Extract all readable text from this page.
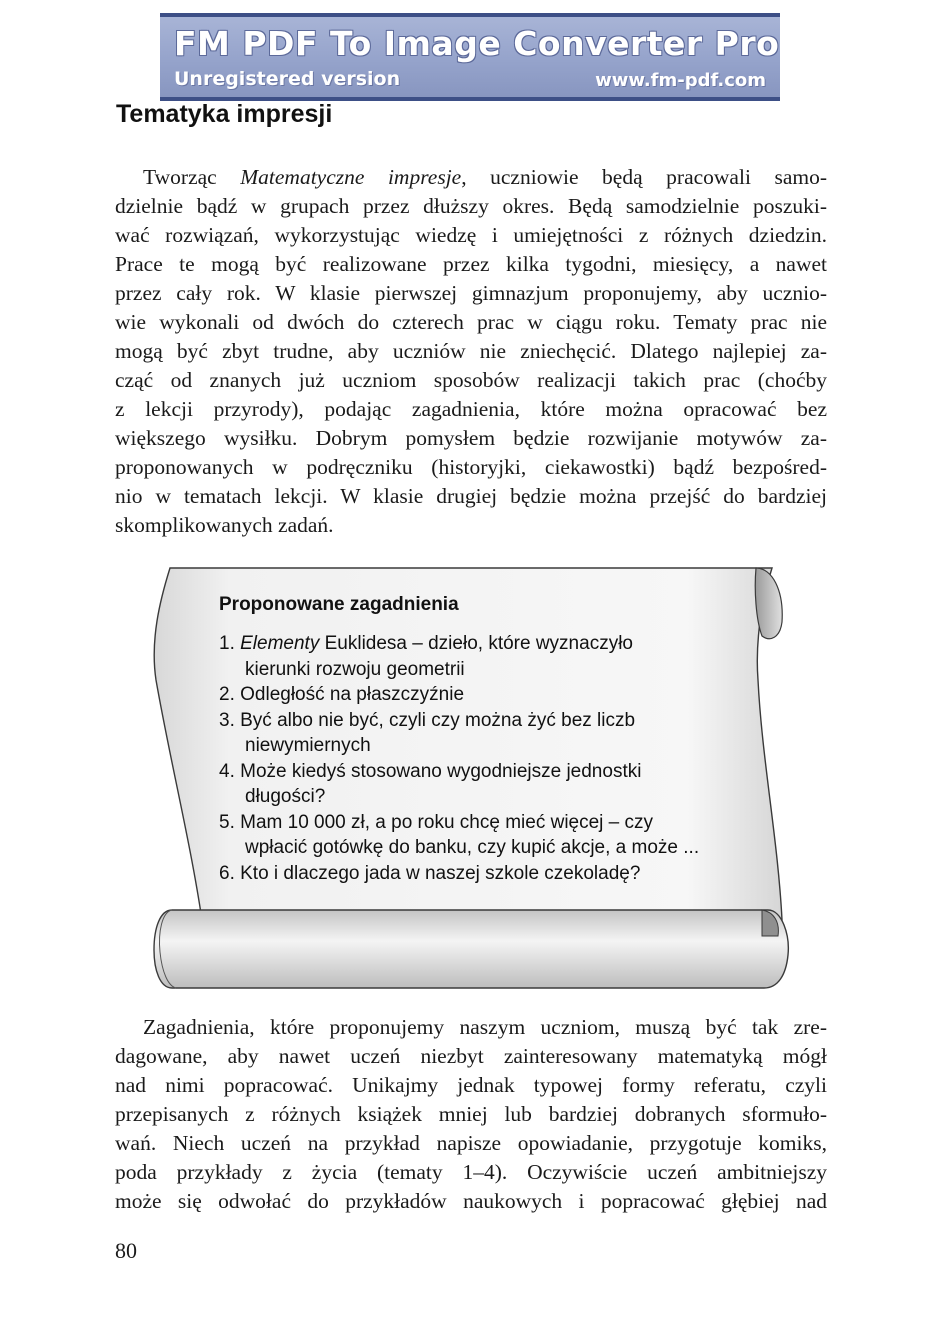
FM PDF To Image Converter Pro
Unregistered version	www.fm-pdf.com
Tematyka impresji
Tworząc Matematyczne impresje, uczniowie będą pracowali samo-
dzielnie bądź w grupach przez dłuższy okres. Będą samodzielnie poszuki-
wać rozwiązań, wykorzystując wiedzę i umiejętności z różnych dziedzin.
Prace te mogą być realizowane przez kilka tygodni, miesięcy, a nawet
przez cały rok. W klasie pierwszej gimnazjum proponujemy, aby ucznio-
wie wykonali od dwóch do czterech prac w ciągu roku. Tematy prac nie
mogą być zbyt trudne, aby uczniów nie zniechęcić. Dlatego najlepiej za-
cząć od znanych już uczniom sposobów realizacji takich prac (choćby
z lekcji przyrody), podając zagadnienia, które można opracować bez
większego wysiłku. Dobrym pomysłem będzie rozwijanie motywów za-
proponowanych w podręczniku (historyjki, ciekawostki) bądź bezpośred-
nio w tematach lekcji. W klasie drugiej będzie można przejść do bardziej
skomplikowanych zadań.

Proponowane zagadnienia

1. Elementy Euklidesa – dzieło, które wyznaczyło
kierunki rozwoju geometrii

2. Odległość na płaszczyźnie

3. Być albo nie być, czyli czy można żyć bez liczb
niewymiernych

4. Może kiedyś stosowano wygodniejsze jednostki
długości?

5. Mam 10 000 zł, a po roku chcę mieć więcej – czy
wpłacić gotówkę do banku, czy kupić akcje, a może ...

6. Kto i dlaczego jada w naszej szkole czekoladę?

Zagadnienia, które proponujemy naszym uczniom, muszą być tak zre-
dagowane, aby nawet uczeń niezbyt zainteresowany matematyką mógł
nad nimi popracować. Unikajmy jednak typowej formy referatu, czyli
przepisanych z różnych książek mniej lub bardziej dobranych sformuło-
wań. Niech uczeń na przykład napisze opowiadanie, przygotuje komiks,
poda przykłady z życia (tematy 1–4). Oczywiście uczeń ambitniejszy
może się odwołać do przykładów naukowych i popracować głębiej nad
80
